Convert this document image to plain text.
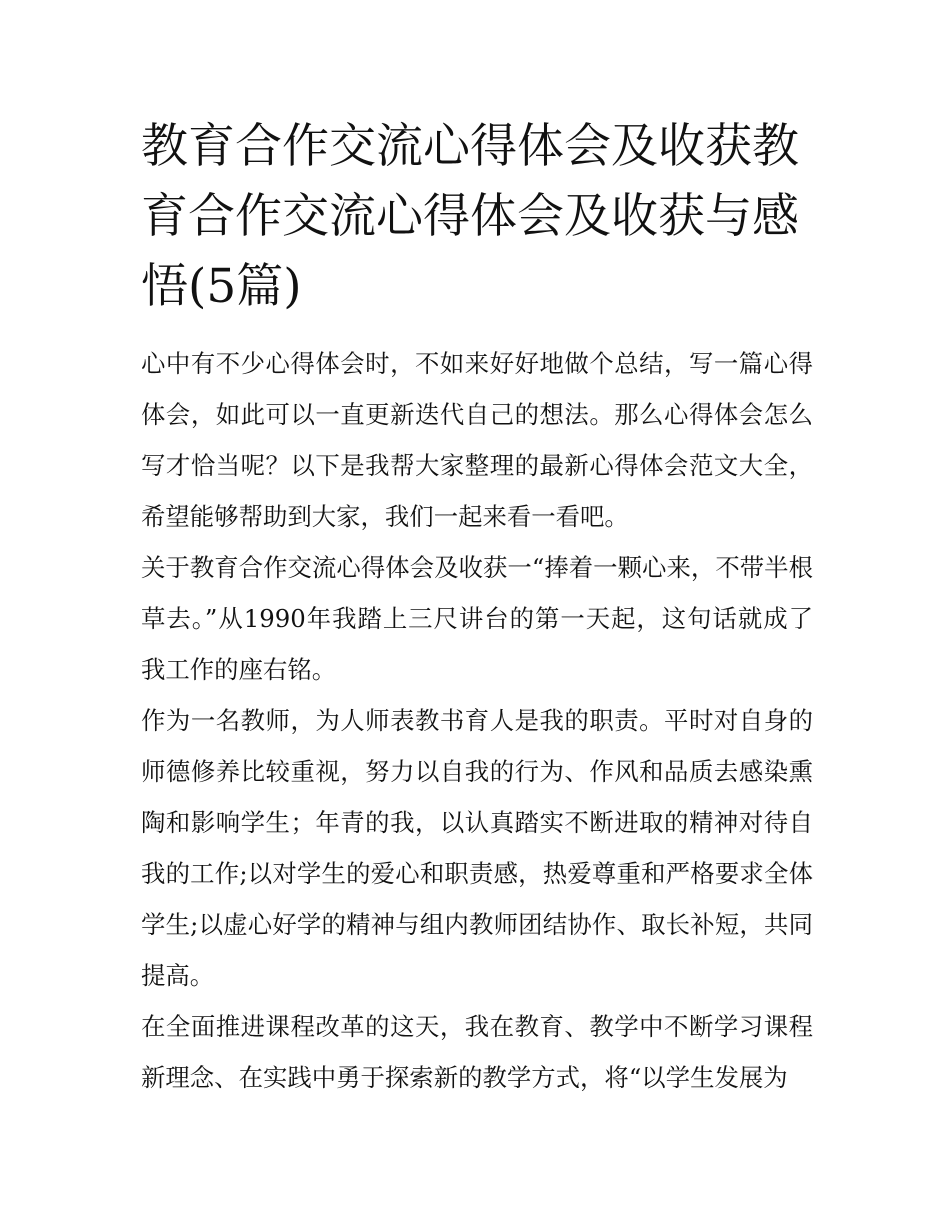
教育合作交流心得体会及收获教育合作交流心得体会及收获与感悟(5篇)

心中有不少心得体会时，不如来好好地做个总结，写一篇心得体会，如此可以一直更新迭代自己的想法。那么心得体会怎么写才恰当呢？以下是我帮大家整理的最新心得体会范文大全，希望能够帮助到大家，我们一起来看一看吧。

关于教育合作交流心得体会及收获一“捧着一颗心来，不带半根草去。”从1990年我踏上三尺讲台的第一天起，这句话就成了我工作的座右铭。

作为一名教师，为人师表教书育人是我的职责。平时对自身的师德修养比较重视，努力以自我的行为、作风和品质去感染熏陶和影响学生；年青的我，以认真踏实不断进取的精神对待自我的工作;以对学生的爱心和职责感，热爱尊重和严格要求全体学生;以虚心好学的精神与组内教师团结协作、取长补短，共同提高。

在全面推进课程改革的这天，我在教育、教学中不断学习课程新理念、在实践中勇于探索新的教学方式，将“以学生发展为
